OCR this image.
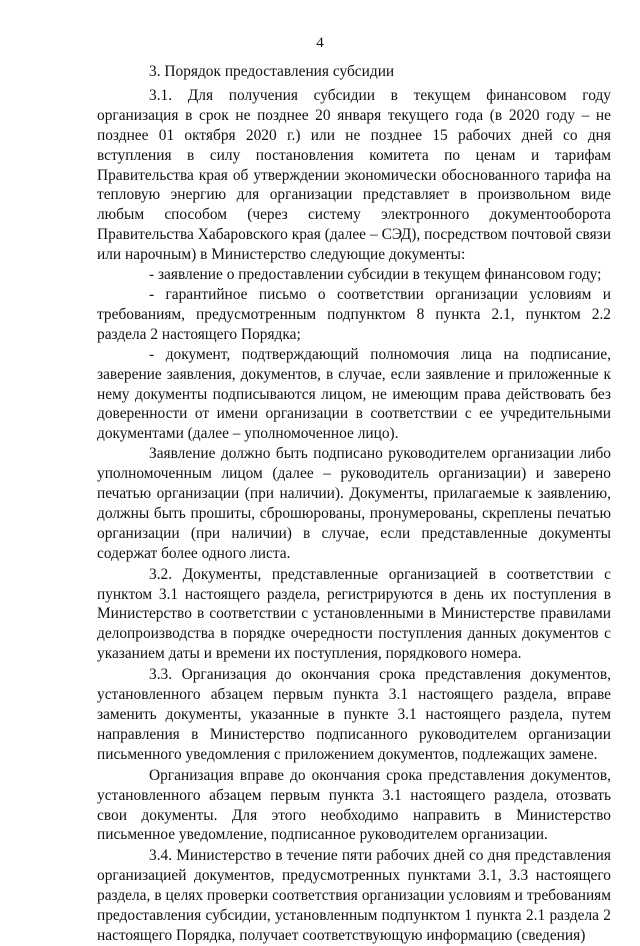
4

3. Порядок предоставления субсидии

3.1. Для получения субсидии в текущем финансовом году организация в срок не позднее 20 января текущего года (в 2020 году – не позднее 01 октября 2020 г.) или не позднее 15 рабочих дней со дня вступления в силу постановления комитета по ценам и тарифам Правительства края об утверждении экономически обоснованного тарифа на тепловую энергию для организации представляет в произвольном виде любым способом (через систему электронного документооборота Правительства Хабаровского края (далее – СЭД), посредством почтовой связи или нарочным) в Министерство следующие документы:

- заявление о предоставлении субсидии в текущем финансовом году;

- гарантийное письмо о соответствии организации условиям и требованиям, предусмотренным подпунктом 8 пункта 2.1, пунктом 2.2 раздела 2 настоящего Порядка;

- документ, подтверждающий полномочия лица на подписание, заверение заявления, документов, в случае, если заявление и приложенные к нему документы подписываются лицом, не имеющим права действовать без доверенности от имени организации в соответствии с ее учредительными документами (далее – уполномоченное лицо).

Заявление должно быть подписано руководителем организации либо уполномоченным лицом (далее – руководитель организации) и заверено печатью организации (при наличии). Документы, прилагаемые к заявлению, должны быть прошиты, сброшюрованы, пронумерованы, скреплены печатью организации (при наличии) в случае, если представленные документы содержат более одного листа.

3.2. Документы, представленные организацией в соответствии с пунктом 3.1 настоящего раздела, регистрируются в день их поступления в Министерство в соответствии с установленными в Министерстве правилами делопроизводства в порядке очередности поступления данных документов с указанием даты и времени их поступления, порядкового номера.

3.3. Организация до окончания срока представления документов, установленного абзацем первым пункта 3.1 настоящего раздела, вправе заменить документы, указанные в пункте 3.1 настоящего раздела, путем направления в Министерство подписанного руководителем организации письменного уведомления с приложением документов, подлежащих замене.

Организация вправе до окончания срока представления документов, установленного абзацем первым пункта 3.1 настоящего раздела, отозвать свои документы. Для этого необходимо направить в Министерство письменное уведомление, подписанное руководителем организации.

3.4. Министерство в течение пяти рабочих дней со дня представления организацией документов, предусмотренных пунктами 3.1, 3.3 настоящего раздела, в целях проверки соответствия организации условиям и требованиям предоставления субсидии, установленным подпунктом 1 пункта 2.1 раздела 2 настоящего Порядка, получает соответствующую информацию (сведения)
